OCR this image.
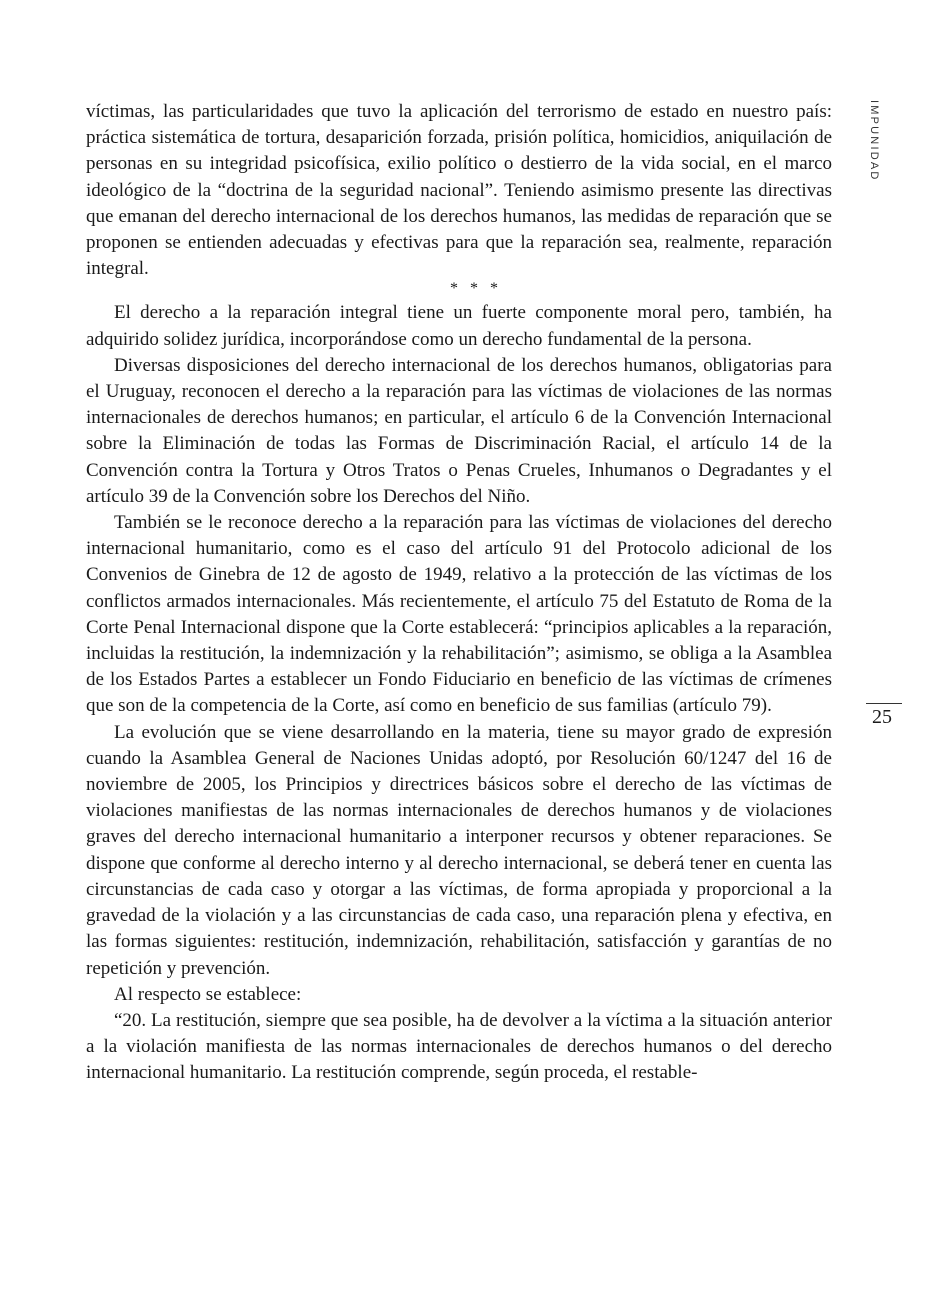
IMPUNIDAD
25

víctimas, las particularidades que tuvo la aplicación del terrorismo de estado en nuestro país: práctica sistemática de tortura, desaparición forzada, prisión política, homicidios, aniquilación de personas en su integridad psicofísica, exilio político o destierro de la vida social, en el marco ideológico de la “doctrina de la seguridad nacional”. Teniendo asimismo presente las directivas que emanan del derecho internacional de los derechos humanos, las medidas de reparación que se proponen se entienden adecuadas y efectivas para que la reparación sea, realmente, reparación integral.

* * *

El derecho a la reparación integral tiene un fuerte componente moral pero, también, ha adquirido solidez jurídica, incorporándose como un derecho fundamental de la persona.

Diversas disposiciones del derecho internacional de los derechos humanos, obligatorias para el Uruguay, reconocen el derecho a la reparación para las víctimas de violaciones de las normas internacionales de derechos humanos; en particular, el artículo 6 de la Convención Internacional sobre la Eliminación de todas las Formas de Discriminación Racial, el artículo 14 de la Convención contra la Tortura y Otros Tratos o Penas Crueles, Inhumanos o Degradantes y el artículo 39 de la Convención sobre los Derechos del Niño.

También se le reconoce derecho a la reparación para las víctimas de violaciones del derecho internacional humanitario, como es el caso del artículo 91 del Protocolo adicional de los Convenios de Ginebra de 12 de agosto de 1949, relativo a la protección de las víctimas de los conflictos armados internacionales. Más recientemente, el artículo 75 del Estatuto de Roma de la Corte Penal Internacional dispone que la Corte establecerá: “principios aplicables a la reparación, incluidas la restitución, la indemnización y la rehabilitación”; asimismo, se obliga a la Asamblea de los Estados Partes a establecer un Fondo Fiduciario en beneficio de las víctimas de crímenes que son de la competencia de la Corte, así como en beneficio de sus familias (artículo 79).

La evolución que se viene desarrollando en la materia, tiene su mayor grado de expresión cuando la Asamblea General de Naciones Unidas adoptó, por Resolución 60/1247 del 16 de noviembre de 2005, los Principios y directrices básicos sobre el derecho de las víctimas de violaciones manifiestas de las normas internacionales de derechos humanos y de violaciones graves del derecho internacional humanitario a interponer recursos y obtener reparaciones. Se dispone que conforme al derecho interno y al derecho internacional, se deberá tener en cuenta las circunstancias de cada caso y otorgar a las víctimas, de forma apropiada y proporcional a la gravedad de la violación y a las circunstancias de cada caso, una reparación plena y efectiva, en las formas siguientes: restitución, indemnización, rehabilitación, satisfacción y garantías de no repetición y prevención.

Al respecto se establece:

“20. La restitución, siempre que sea posible, ha de devolver a la víctima a la situación anterior a la violación manifiesta de las normas internacionales de derechos humanos o del derecho internacional humanitario. La restitución comprende, según proceda, el restable-
